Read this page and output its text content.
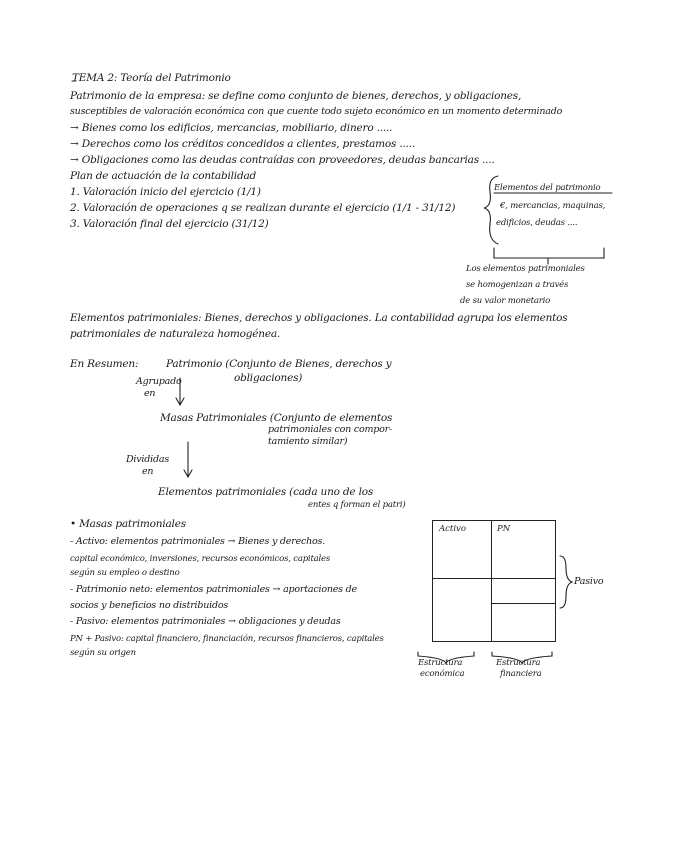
TEMA 2: Teoría del Patrimonio
Patrimonio de la empresa: se define como conjunto de bienes, derechos, y obligaciones,
susceptibles de valoración económica con que cuente todo sujeto económico en un momento determinado
→ Bienes como los edificios, mercancias, mobiliario, dinero .....
→ Derechos como los créditos concedidos a clientes, prestamos .....
→ Obligaciones como las deudas contraídas con proveedores, deudas bancarias ....
Plan de actuación de la contabilidad
1. Valoración inicio del ejercicio (1/1)
2. Valoración de operaciones q se realizan durante el ejercicio (1/1 - 31/12)
3. Valoración final del ejercicio (31/12)
Elementos del patrimonio
€, mercancias, maquinas,
edificios, deudas ....
Los elementos patrimoniales
se homogenizan a través
de su valor monetario
Elementos patrimoniales: Bienes, derechos y obligaciones. La contabilidad agrupa los elementos
patrimoniales de naturaleza homogénea.
En Resumen:	Patrimonio (Conjunto de Bienes, derechos y
obligaciones)
Agrupado
en
Masas Patrimoniales (Conjunto de elementos
patrimoniales con compor-
tamiento similar)
Divididas
en
Elementos patrimoniales (cada uno de los
entes q forman el patri)
• Masas patrimoniales
- Activo: elementos patrimoniales → Bienes y derechos.
capital económico, inversiones, recursos económicos, capitales
según su empleo o destino
- Patrimonio neto: elementos patrimoniales → aportaciones de
socios y beneficios no distribuidos
- Pasivo: elementos patrimoniales → obligaciones y deudas
PN + Pasivo: capital financiero, financiación, recursos financieros, capitales
según su origen
Activo	PN
Pasivo
Estructura
económica
Estructura
financiera
